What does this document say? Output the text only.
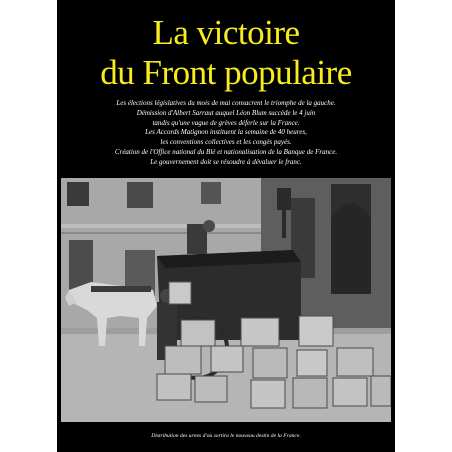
La victoire
du Front populaire
Les élections législatives du mois de mai consacrent le triomphe de la gauche.
Démission d'Albert Sarraut auquel Léon Blum succède le 4 juin
tandis qu'une vague de grèves déferle sur la France.
Les Accords Matignon instituent la semaine de 40 heures,
les conventions collectives et les congés payés.
Création de l'Office national du Blé et nationalisation de la Banque de France.
Le gouvernement doit se résoudre à dévaluer le franc.

Distribution des urnes d'où sortira le nouveau destin de la France.
